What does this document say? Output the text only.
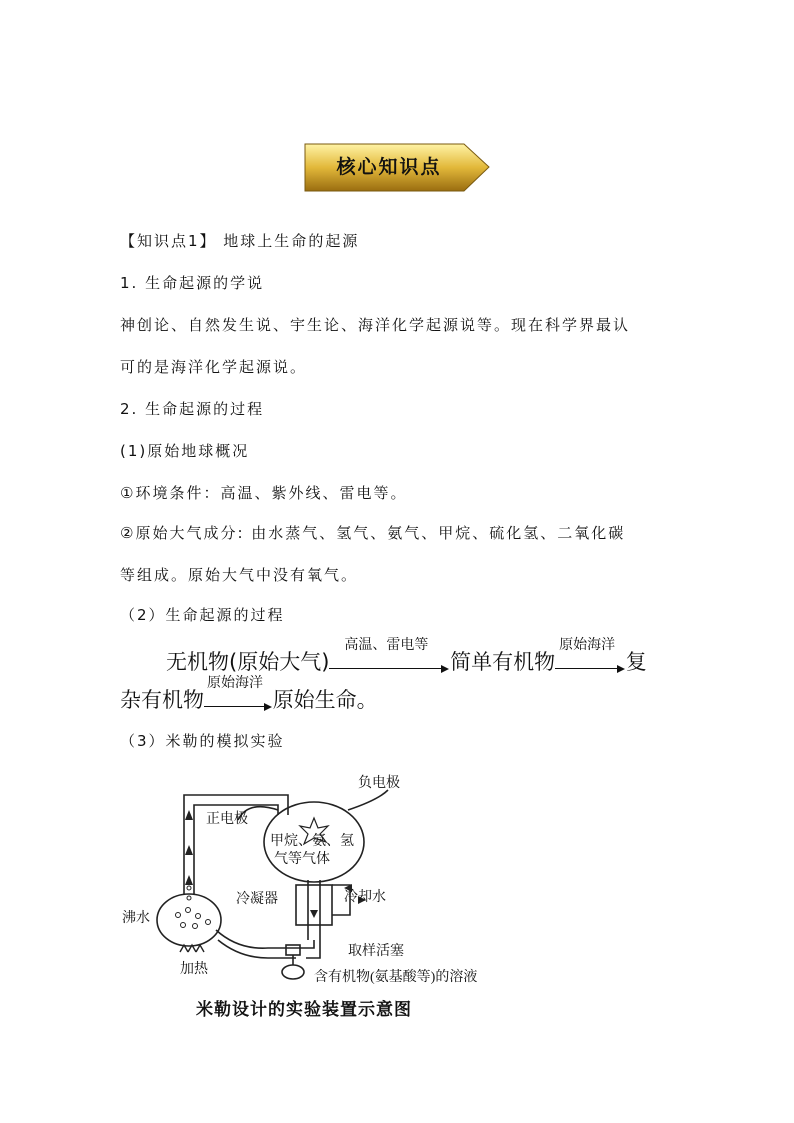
核心知识点
【知识点1】 地球上生命的起源
1. 生命起源的学说
神创论、自然发生说、宇生论、海洋化学起源说等。现在科学界最认
可的是海洋化学起源说。
2. 生命起源的过程
(1)原始地球概况
①环境条件：高温、紫外线、雷电等。
②原始大气成分: 由水蒸气、氢气、氨气、甲烷、硫化氢、二氧化碳
等组成。原始大气中没有氧气。
（2）生命起源的过程
无机物(原始大气)
高温、雷电等
简单有机物
原始海洋
复
杂有机物
原始海洋
原始生命。
（3）米勒的模拟实验
负电极
正电极
甲烷、氨、氢
气等气体
冷凝器	冷却水
沸水
加热
取样活塞
含有机物(氨基酸等)的溶液
米勒设计的实验装置示意图
